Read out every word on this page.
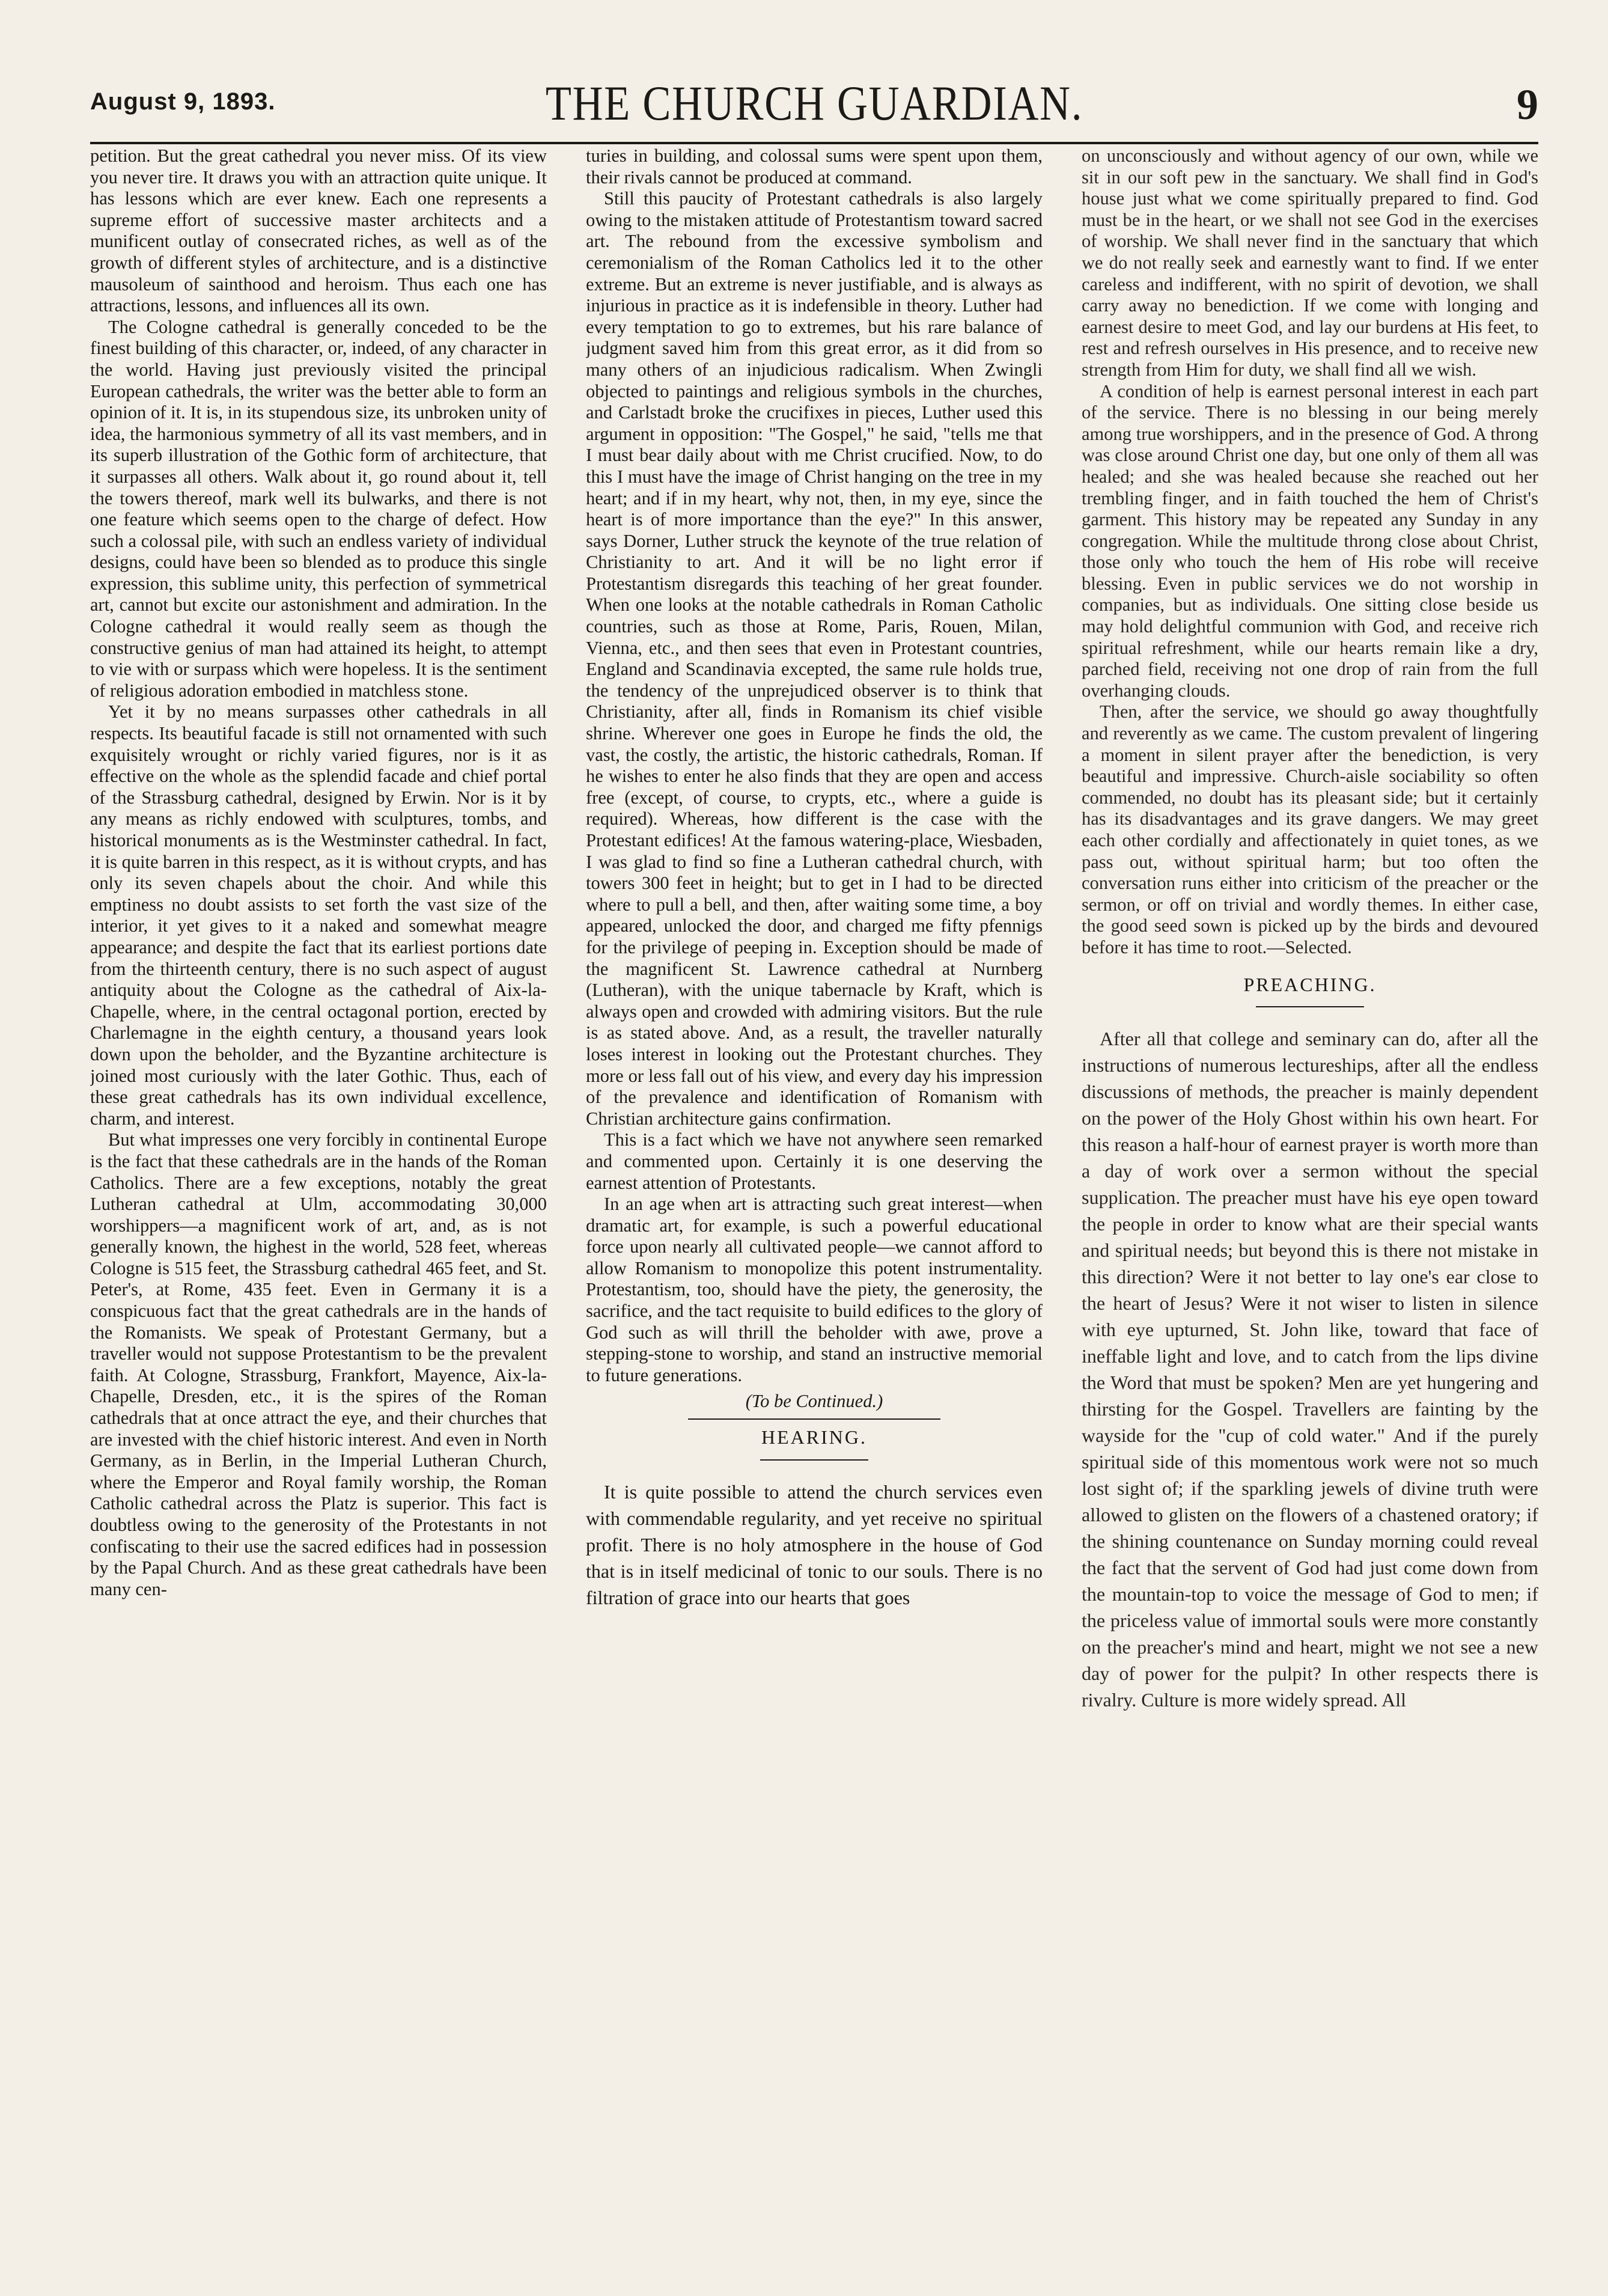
August 9, 1893.	THE CHURCH GUARDIAN.	9

petition. But the great cathedral you never miss. Of its view you never tire. It draws you with an attraction quite unique. It has lessons which are ever knew. Each one represents a supreme effort of successive master architects and a munificent outlay of consecrated riches, as well as of the growth of different styles of architecture, and is a distinctive mausoleum of sainthood and heroism. Thus each one has attractions, lessons, and influences all its own.

The Cologne cathedral is generally conceded to be the finest building of this character, or, indeed, of any character in the world. Having just previously visited the principal European cathedrals, the writer was the better able to form an opinion of it. It is, in its stupendous size, its unbroken unity of idea, the harmonious symmetry of all its vast members, and in its superb illustration of the Gothic form of architecture, that it surpasses all others. Walk about it, go round about it, tell the towers thereof, mark well its bulwarks, and there is not one feature which seems open to the charge of defect. How such a colossal pile, with such an endless variety of individual designs, could have been so blended as to produce this single expression, this sublime unity, this perfection of symmetrical art, cannot but excite our astonishment and admiration. In the Cologne cathedral it would really seem as though the constructive genius of man had attained its height, to attempt to vie with or surpass which were hopeless. It is the sentiment of religious adoration embodied in matchless stone.

Yet it by no means surpasses other cathedrals in all respects. Its beautiful facade is still not ornamented with such exquisitely wrought or richly varied figures, nor is it as effective on the whole as the splendid facade and chief portal of the Strassburg cathedral, designed by Erwin. Nor is it by any means as richly endowed with sculptures, tombs, and historical monuments as is the Westminster cathedral. In fact, it is quite barren in this respect, as it is without crypts, and has only its seven chapels about the choir. And while this emptiness no doubt assists to set forth the vast size of the interior, it yet gives to it a naked and somewhat meagre appearance; and despite the fact that its earliest portions date from the thirteenth century, there is no such aspect of august antiquity about the Cologne as the cathedral of Aix-la-Chapelle, where, in the central octagonal portion, erected by Charlemagne in the eighth century, a thousand years look down upon the beholder, and the Byzantine architecture is joined most curiously with the later Gothic. Thus, each of these great cathedrals has its own individual excellence, charm, and interest.

But what impresses one very forcibly in continental Europe is the fact that these cathedrals are in the hands of the Roman Catholics. There are a few exceptions, notably the great Lutheran cathedral at Ulm, accommodating 30,000 worshippers—a magnificent work of art, and, as is not generally known, the highest in the world, 528 feet, whereas Cologne is 515 feet, the Strassburg cathedral 465 feet, and St. Peter's, at Rome, 435 feet. Even in Germany it is a conspicuous fact that the great cathedrals are in the hands of the Romanists. We speak of Protestant Germany, but a traveller would not suppose Protestantism to be the prevalent faith. At Cologne, Strassburg, Frankfort, Mayence, Aix-la-Chapelle, Dresden, etc., it is the spires of the Roman cathedrals that at once attract the eye, and their churches that are invested with the chief historic interest. And even in North Germany, as in Berlin, in the Imperial Lutheran Church, where the Emperor and Royal family worship, the Roman Catholic cathedral across the Platz is superior. This fact is doubtless owing to the generosity of the Protestants in not confiscating to their use the sacred edifices had in possession by the Papal Church. And as these great cathedrals have been many cen-

turies in building, and colossal sums were spent upon them, their rivals cannot be produced at command.

Still this paucity of Protestant cathedrals is also largely owing to the mistaken attitude of Protestantism toward sacred art. The rebound from the excessive symbolism and ceremonialism of the Roman Catholics led it to the other extreme. But an extreme is never justifiable, and is always as injurious in practice as it is indefensible in theory. Luther had every temptation to go to extremes, but his rare balance of judgment saved him from this great error, as it did from so many others of an injudicious radicalism. When Zwingli objected to paintings and religious symbols in the churches, and Carlstadt broke the crucifixes in pieces, Luther used this argument in opposition: "The Gospel," he said, "tells me that I must bear daily about with me Christ crucified. Now, to do this I must have the image of Christ hanging on the tree in my heart; and if in my heart, why not, then, in my eye, since the heart is of more importance than the eye?" In this answer, says Dorner, Luther struck the keynote of the true relation of Christianity to art. And it will be no light error if Protestantism disregards this teaching of her great founder. When one looks at the notable cathedrals in Roman Catholic countries, such as those at Rome, Paris, Rouen, Milan, Vienna, etc., and then sees that even in Protestant countries, England and Scandinavia excepted, the same rule holds true, the tendency of the unprejudiced observer is to think that Christianity, after all, finds in Romanism its chief visible shrine. Wherever one goes in Europe he finds the old, the vast, the costly, the artistic, the historic cathedrals, Roman. If he wishes to enter he also finds that they are open and access free (except, of course, to crypts, etc., where a guide is required). Whereas, how different is the case with the Protestant edifices! At the famous watering-place, Wiesbaden, I was glad to find so fine a Lutheran cathedral church, with towers 300 feet in height; but to get in I had to be directed where to pull a bell, and then, after waiting some time, a boy appeared, unlocked the door, and charged me fifty pfennigs for the privilege of peeping in. Exception should be made of the magnificent St. Lawrence cathedral at Nurnberg (Lutheran), with the unique tabernacle by Kraft, which is always open and crowded with admiring visitors. But the rule is as stated above. And, as a result, the traveller naturally loses interest in looking out the Protestant churches. They more or less fall out of his view, and every day his impression of the prevalence and identification of Romanism with Christian architecture gains confirmation.

This is a fact which we have not anywhere seen remarked and commented upon. Certainly it is one deserving the earnest attention of Protestants.

In an age when art is attracting such great interest—when dramatic art, for example, is such a powerful educational force upon nearly all cultivated people—we cannot afford to allow Romanism to monopolize this potent instrumentality. Protestantism, too, should have the piety, the generosity, the sacrifice, and the tact requisite to build edifices to the glory of God such as will thrill the beholder with awe, prove a stepping-stone to worship, and stand an instructive memorial to future generations.

(To be Continued.)

HEARING.

It is quite possible to attend the church services even with commendable regularity, and yet receive no spiritual profit. There is no holy atmosphere in the house of God that is in itself medicinal of tonic to our souls. There is no filtration of grace into our hearts that goes

on unconsciously and without agency of our own, while we sit in our soft pew in the sanctuary. We shall find in God's house just what we come spiritually prepared to find. God must be in the heart, or we shall not see God in the exercises of worship. We shall never find in the sanctuary that which we do not really seek and earnestly want to find. If we enter careless and indifferent, with no spirit of devotion, we shall carry away no benediction. If we come with longing and earnest desire to meet God, and lay our burdens at His feet, to rest and refresh ourselves in His presence, and to receive new strength from Him for duty, we shall find all we wish.

A condition of help is earnest personal interest in each part of the service. There is no blessing in our being merely among true worshippers, and in the presence of God. A throng was close around Christ one day, but one only of them all was healed; and she was healed because she reached out her trembling finger, and in faith touched the hem of Christ's garment. This history may be repeated any Sunday in any congregation. While the multitude throng close about Christ, those only who touch the hem of His robe will receive blessing. Even in public services we do not worship in companies, but as individuals. One sitting close beside us may hold delightful communion with God, and receive rich spiritual refreshment, while our hearts remain like a dry, parched field, receiving not one drop of rain from the full overhanging clouds.

Then, after the service, we should go away thoughtfully and reverently as we came. The custom prevalent of lingering a moment in silent prayer after the benediction, is very beautiful and impressive. Church-aisle sociability so often commended, no doubt has its pleasant side; but it certainly has its disadvantages and its grave dangers. We may greet each other cordially and affectionately in quiet tones, as we pass out, without spiritual harm; but too often the conversation runs either into criticism of the preacher or the sermon, or off on trivial and wordly themes. In either case, the good seed sown is picked up by the birds and devoured before it has time to root.—Selected.

PREACHING.

After all that college and seminary can do, after all the instructions of numerous lectureships, after all the endless discussions of methods, the preacher is mainly dependent on the power of the Holy Ghost within his own heart. For this reason a half-hour of earnest prayer is worth more than a day of work over a sermon without the special supplication. The preacher must have his eye open toward the people in order to know what are their special wants and spiritual needs; but beyond this is there not mistake in this direction? Were it not better to lay one's ear close to the heart of Jesus? Were it not wiser to listen in silence with eye upturned, St. John like, toward that face of ineffable light and love, and to catch from the lips divine the Word that must be spoken? Men are yet hungering and thirsting for the Gospel. Travellers are fainting by the wayside for the "cup of cold water." And if the purely spiritual side of this momentous work were not so much lost sight of; if the sparkling jewels of divine truth were allowed to glisten on the flowers of a chastened oratory; if the shining countenance on Sunday morning could reveal the fact that the servent of God had just come down from the mountain-top to voice the message of God to men; if the priceless value of immortal souls were more constantly on the preacher's mind and heart, might we not see a new day of power for the pulpit? In other respects there is rivalry. Culture is more widely spread. All
